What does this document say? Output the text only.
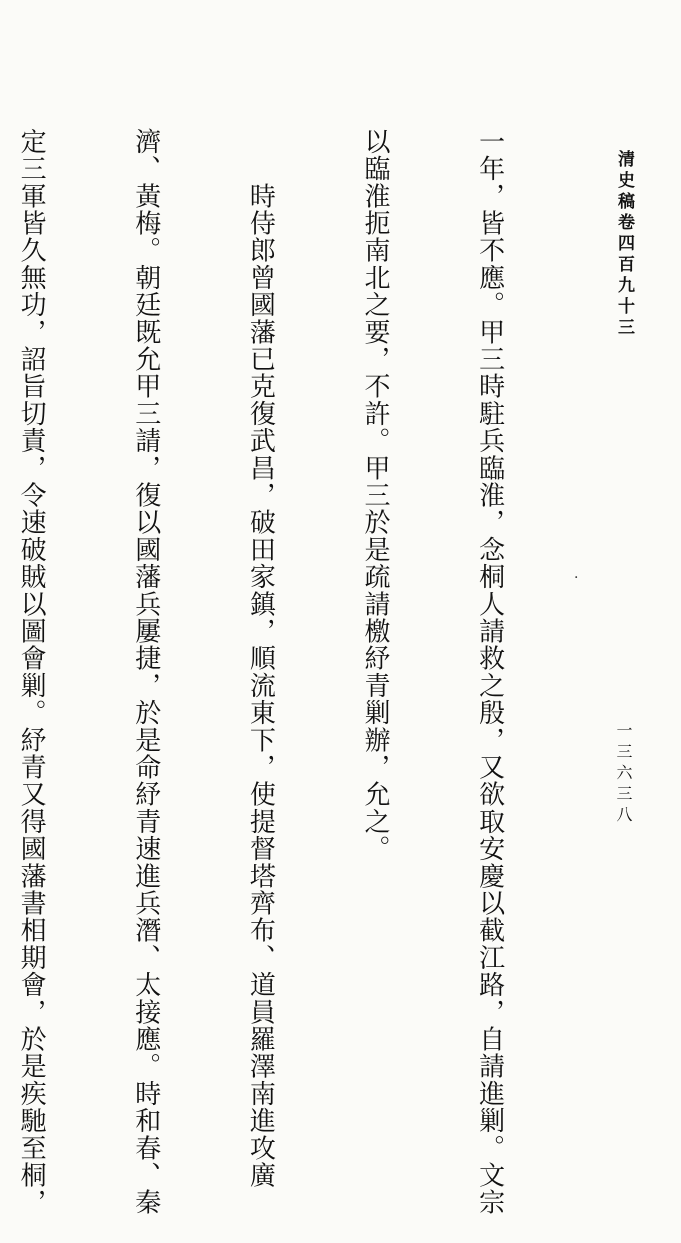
清史稿卷四百九十三
一三六三八
·

一年，皆不應。甲三時駐兵臨淮，念桐人請救之殷，又欲取安慶以截江路，自請進剿。文宗

以臨淮扼南北之要，不許。甲三於是疏請檄紓青剿辦，允之。

　　時侍郎曾國藩已克復武昌，破田家鎮，順流東下，使提督塔齊布、道員羅澤南進攻廣

濟、黃梅。朝廷既允甲三請，復以國藩兵屢捷，於是命紓青速進兵潛、太接應。時和春、秦

定三軍皆久無功，詔旨切責，令速破賊以圖會剿。紓青又得國藩書相期會，於是疾馳至桐，
